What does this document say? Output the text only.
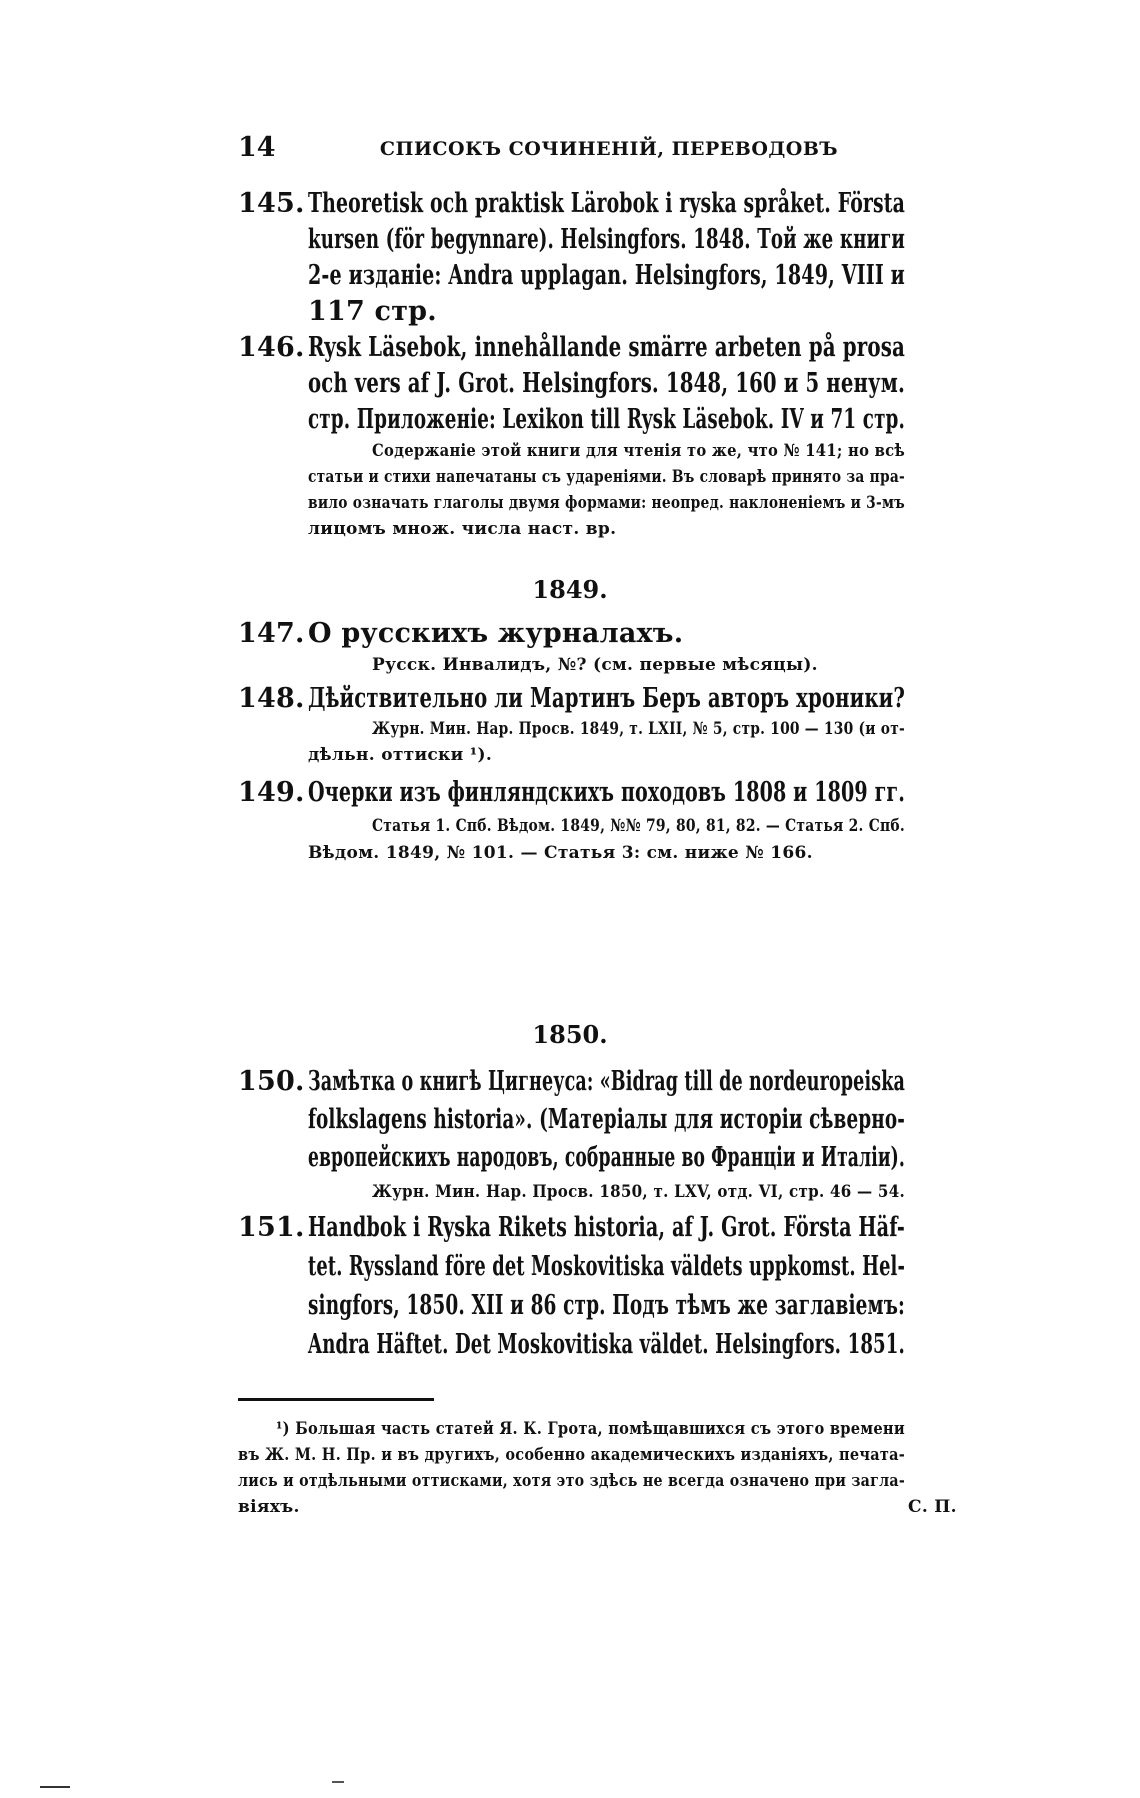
14	СПИСОКЪ СОЧИНЕНІЙ, ПЕРЕВОДОВЪ
145. Theoretisk och praktisk Lärobok i ryska språket. Första
kursen (för begynnare). Helsingfors. 1848. Той же книги
2-е изданіе: Andra upplagan. Helsingfors, 1849, VIII и
117 стр.
146. Rysk Läsebok, innehållande smärre arbeten på prosa
och vers af J. Grot. Helsingfors. 1848, 160 и 5 ненум.
стр. Приложеніе: Lexikon till Rysk Läsebok. IV и 71 стр.
Содержаніе этой книги для чтенія то же, что № 141; но всѣ
статьи и стихи напечатаны съ удареніями. Въ словарѣ принято за пра-
вило означать глаголы двумя формами: неопред. наклоненіемъ и 3-мъ
лицомъ множ. числа наст. вр.
1849.
147. О русскихъ журналахъ.
Русск. Инвалидъ, №? (см. первые мѣсяцы).
148. Дѣйствительно ли Мартинъ Беръ авторъ хроники?
Журн. Мин. Нар. Просв. 1849, т. LXII, № 5, стр. 100 — 130 (и от-
дѣльн. оттиски ¹).
149. Очерки изъ финляндскихъ походовъ 1808 и 1809 гг.
Статья 1. Спб. Вѣдом. 1849, №№ 79, 80, 81, 82. — Статья 2. Спб.
Вѣдом. 1849, № 101. — Статья 3: см. ниже № 166.
1850.
150. Замѣтка о книгѣ Цигнеуса: «Bidrag till de nordeuropeiska
folkslagens historia». (Матеріалы для исторіи сѣверно-
европейскихъ народовъ, собранные во Франціи и Италіи).
Журн. Мин. Нар. Просв. 1850, т. LXV, отд. VI, стр. 46 — 54.
151. Handbok i Ryska Rikets historia, af J. Grot. Första Häf-
tet. Ryssland före det Moskovitiska väldets uppkomst. Hel-
singfors, 1850. XII и 86 стр. Подъ тѣмъ же заглавіемъ:
Andra Häftet. Det Moskovitiska väldet. Helsingfors. 1851.
¹) Большая часть статей Я. К. Грота, помѣщавшихся съ этого времени
въ Ж. М. Н. Пр. и въ другихъ, особенно академическихъ изданіяхъ, печата-
лись и отдѣльными оттисками, хотя это здѣсь не всегда означено при загла-
віяхъ.	С. П.
